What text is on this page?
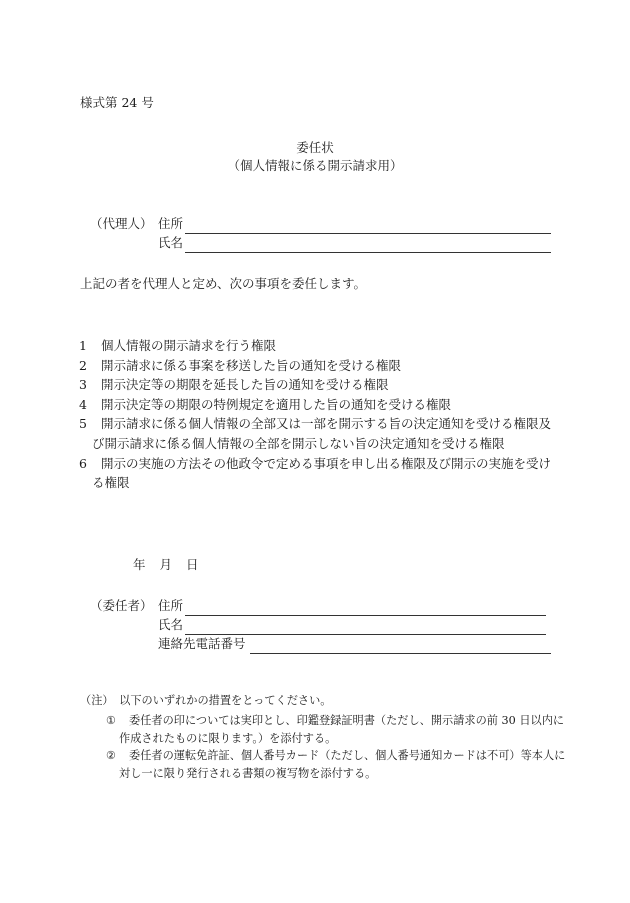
様式第 24 号
委任状
（個人情報に係る開示請求用）
（代理人） 住所
氏名
上記の者を代理人と定め、次の事項を委任します。
1	個人情報の開示請求を行う権限
2	開示請求に係る事案を移送した旨の通知を受ける権限
3	開示決定等の期限を延長した旨の通知を受ける権限
4	開示決定等の期限の特例規定を適用した旨の通知を受ける権限
5	開示請求に係る個人情報の全部又は一部を開示する旨の決定通知を受ける権限及び開示請求に係る個人情報の全部を開示しない旨の決定通知を受ける権限
6	開示の実施の方法その他政令で定める事項を申し出る権限及び開示の実施を受ける権限
年 月 日
（委任者） 住所
氏名
連絡先電話番号
（注）　以下のいずれかの措置をとってください。
①	委任者の印については実印とし、印鑑登録証明書（ただし、開示請求の前 30 日以内に作成されたものに限ります。）を添付する。
②	委任者の運転免許証、個人番号カード（ただし、個人番号通知カードは不可）等本人に対し一に限り発行される書類の複写物を添付する。
